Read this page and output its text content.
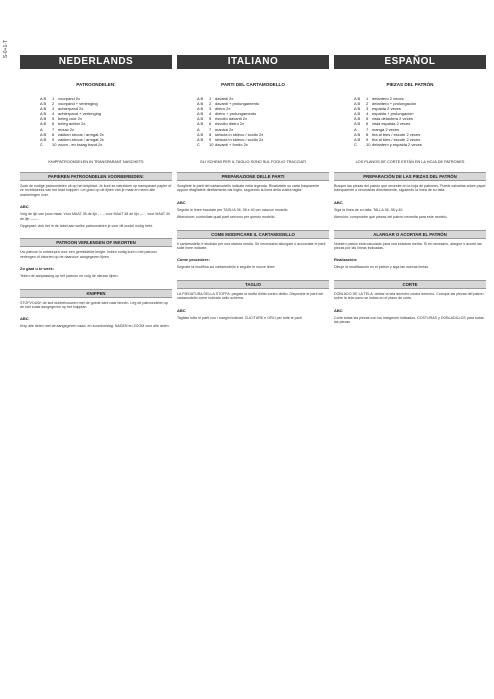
S-0+1-T
NEDERLANDS
PATROONDELEN:
A B 1 voorpand 2x
A B 2 voorpand + verlenging
A B 3 achterpand 2x
A B 4 achterpand + verlenging
A B 5 beleg voor 2x
A B 6 beleg achter 2x
A 7 mouw 2x
A B 8 zakken strook / armgat 2x
A B 9 zakken strook / armgat 2x
C 10 zoom - en kraag band 2x
KNIPPATROONDELEN IN TRANSPARANT NASCHETS
PAPIEREN PATROONDELEN VOORBEREIDEN:
Zoek de nodige patroondelen uit op het knipblad. Je kunt ze natrekken op transparant papier of ze rechtstreeks van het blad knippen. Let goed op de lijnen van je maat en neem alle markeringen over.
ABC
Volg de lijn van jouw maat. Voor MAAT 36 de lijn - - -, voor MAAT 38 de lijn — ·, voor MAAT 40 de lijn ——.
Opgepast: vink het in de tabel aan welke patroondelen je voor dit model nodig hebt.
PATROON VERLENGEN OF INKORTEN
Uw patroon is ontworpen voor een gemiddelde lengte. Indien nodig kunt u het patroon verlengen of inkorten op de daarvoor aangegeven lijnen.
Zo gaat u te werk:
Teken de aanpassing op het patroon en volg de nieuwe lijnen.
KNIPPEN
STOFVOUW: de stof dubbelvouwen met de goede kant naar binnen. Leg de patroondelen op de stof zoals aangegeven op het knipplan.
ABC
Knip alle delen met de aangegeven naad- en zoomtoeslag. NADEN en ZOOM voor alle delen.
ITALIANO
PARTI DEL CARTAMODELLO
A B 1 davanti 2x
A B 2 davanti + prolungamento
A B 3 dietro 2x
A B 4 dietro + prolungamento
A B 5 risvolto davanti 2x
A B 6 risvolto dietro 2x
A 7 manica 2x
A B 8 striscia in sbieco / scollo 2x
A B 9 striscia in sbieco / scollo 2x
C 10 davanti + fondo 2x
GLI SCHEMI PER IL TAGLIO SONO SUL FOGLIO TRACCIATI
PREPARAZIONE DELLE PARTI
Scegliete le parti del cartamodello indicate nella legenda. Ricalcatele su carta trasparente oppure ritagliatele direttamente dal foglio, seguendo la linea della vostra taglia.
ABC
Seguite le linee tracciate per TAGLIA 36, 38 e 40 per ciascun modello.
Attenzione: controllate quali parti servono per questo modello.
COME MODIFICARE IL CARTAMODELLO
Il cartamodello è studiato per una statura media. Se necessario allungate o accorciate le parti sulle linee indicate.
Come procedere:
Segnate la modifica sul cartamodello e seguite le nuove linee.
TAGLIO
LA PIEGATURA DELLA STOFFA: piegate la stoffa diritto contro diritto. Disponete le parti del cartamodello come indicato nello schema.
ABC
Tagliate tutte le parti con i margini indicati. CUCITURE e ORLI per tutte le parti.
ESPAÑOL
PIEZAS DEL PATRÓN
A B 1 delantero 2 veces
A B 2 delantero + prolongación
A B 3 espalda 2 veces
A B 4 espalda + prolongación
A B 5 vista delantera 2 veces
A B 6 vista espalda 2 veces
A 7 manga 2 veces
A B 8 tira al bies / escote 2 veces
A B 9 tira al bies / escote 2 veces
C 10 delantero y espalda 2 veces
LOS PLANOS DE CORTE ESTÁN EN LA HOJA DE PATRONES
PREPARACIÓN DE LAS PIEZAS DEL PATRÓN
Busque las piezas del patrón que necesite en la hoja de patrones. Puede calcarlas sobre papel transparente o recortarlas directamente, siguiendo la línea de su talla.
ABC
Siga la línea de su talla: TALLA 36, 38 y 40.
Atención: compruebe qué piezas del patrón necesita para este modelo.
ALARGAR O ACORTAR EL PATRÓN
Nuestro patrón está calculado para una estatura media. Si es necesario, alargue o acorte las piezas por las líneas indicadas.
Realización:
Dibuje la modificación en el patrón y siga las nuevas líneas.
CORTE
DOBLADO DE LA TELA: doblar la tela derecho contra derecho. Coloque las piezas del patrón sobre la tela como se indica en el plano de corte.
ABC
Corte todas las piezas con los márgenes indicados. COSTURAS y DOBLADILLOS para todas las piezas.
